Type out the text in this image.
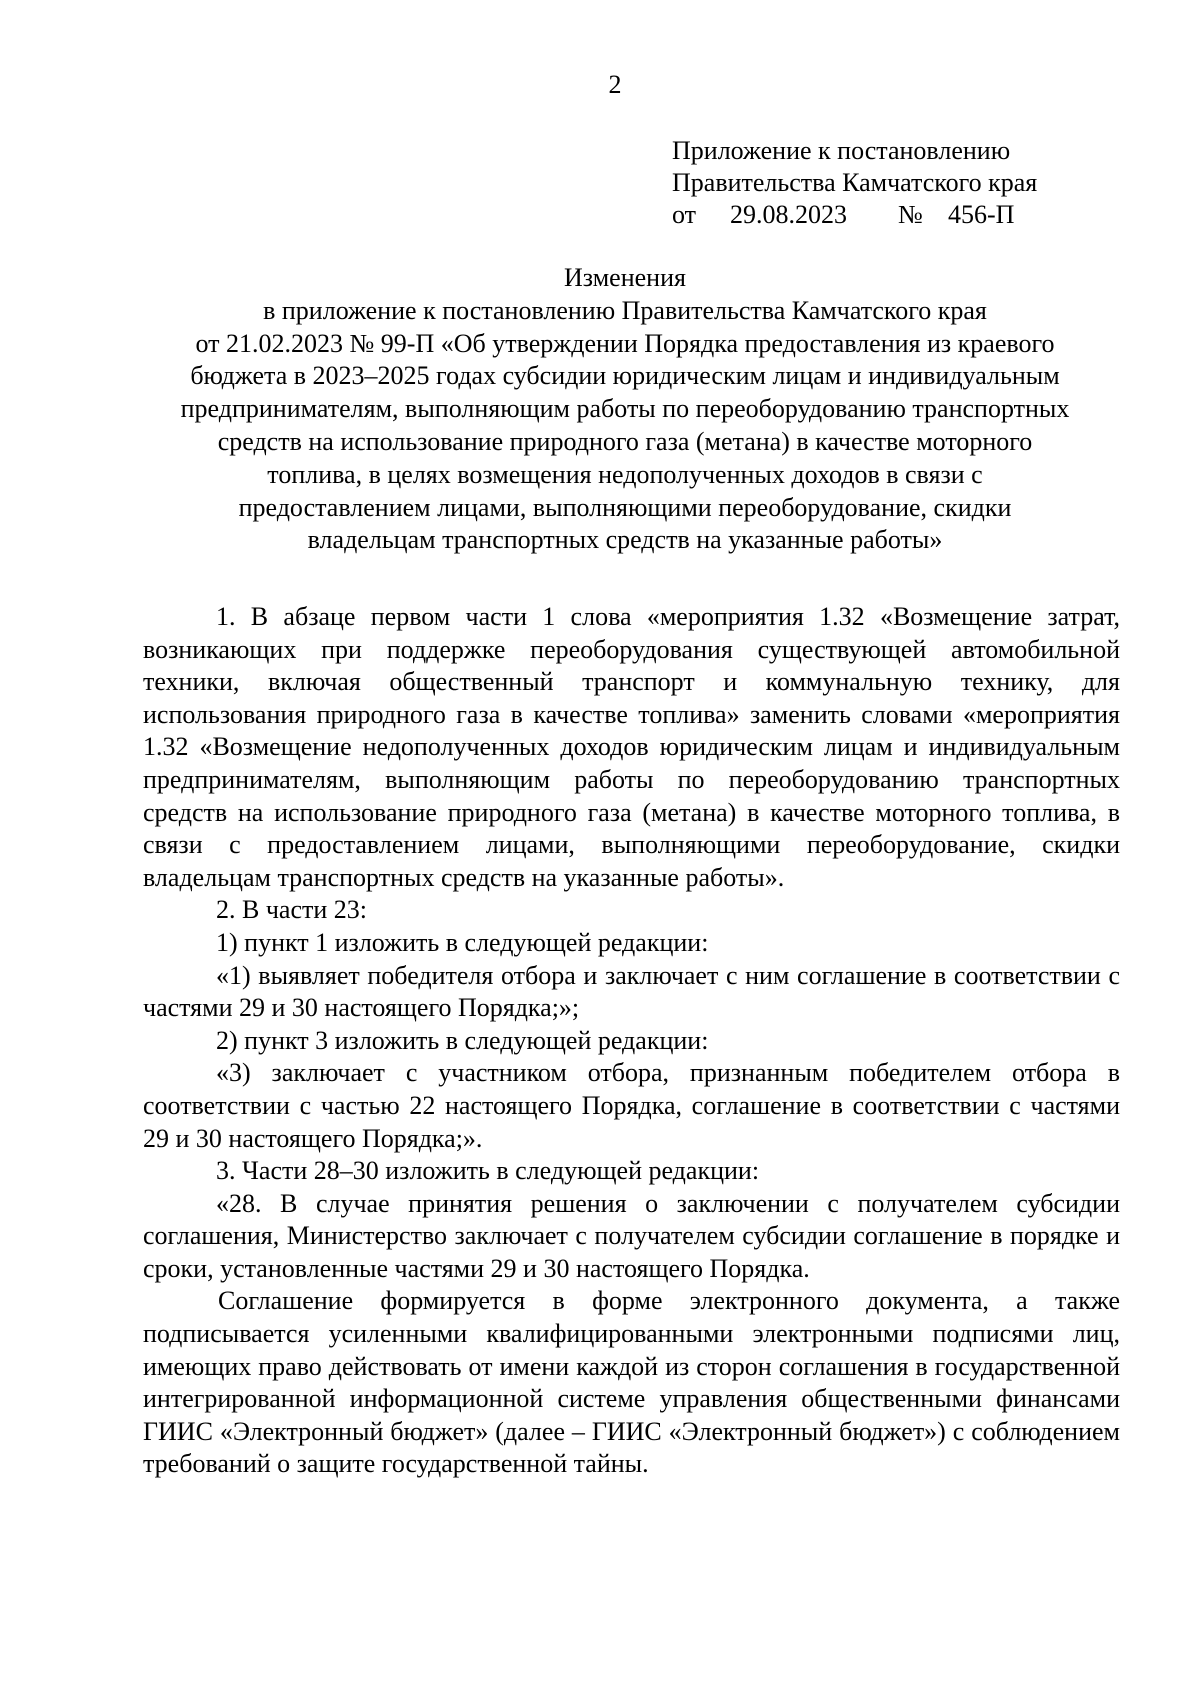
2
Приложение к постановлению
Правительства Камчатского края
от	29.08.2023	№ 456-П
Изменения
в приложение к постановлению Правительства Камчатского края
от 21.02.2023 № 99-П «Об утверждении Порядка предоставления из краевого
бюджета в 2023–2025 годах субсидии юридическим лицам и индивидуальным
предпринимателям, выполняющим работы по переоборудованию транспортных
средств на использование природного газа (метана) в качестве моторного
топлива, в целях возмещения недополученных доходов в связи с
предоставлением лицами, выполняющими переоборудование, скидки
владельцам транспортных средств на указанные работы»

1. В абзаце первом части 1 слова «мероприятия 1.32 «Возмещение затрат, возникающих при поддержке переоборудования существующей автомобильной техники, включая общественный транспорт и коммунальную технику, для использования природного газа в качестве топлива» заменить словами «мероприятия 1.32 «Возмещение недополученных доходов юридическим лицам и индивидуальным предпринимателям, выполняющим работы по переоборудованию транспортных средств на использование природного газа (метана) в качестве моторного топлива, в связи с предоставлением лицами, выполняющими переоборудование, скидки владельцам транспортных средств на указанные работы».

2. В части 23:

1) пункт 1 изложить в следующей редакции:

«1) выявляет победителя отбора и заключает с ним соглашение в соответствии с частями 29 и 30 настоящего Порядка;»;

2) пункт 3 изложить в следующей редакции:

«3) заключает с участником отбора, признанным победителем отбора в соответствии с частью 22 настоящего Порядка, соглашение в соответствии с частями 29 и 30 настоящего Порядка;».

3. Части 28–30 изложить в следующей редакции:

«28. В случае принятия решения о заключении с получателем субсидии соглашения, Министерство заключает с получателем субсидии соглашение в порядке и сроки, установленные частями 29 и 30 настоящего Порядка.

Соглашение формируется в форме электронного документа, а также подписывается усиленными квалифицированными электронными подписями лиц, имеющих право действовать от имени каждой из сторон соглашения в государственной интегрированной информационной системе управления общественными финансами ГИИС «Электронный бюджет» (далее – ГИИС «Электронный бюджет») с соблюдением требований о защите государственной тайны.
